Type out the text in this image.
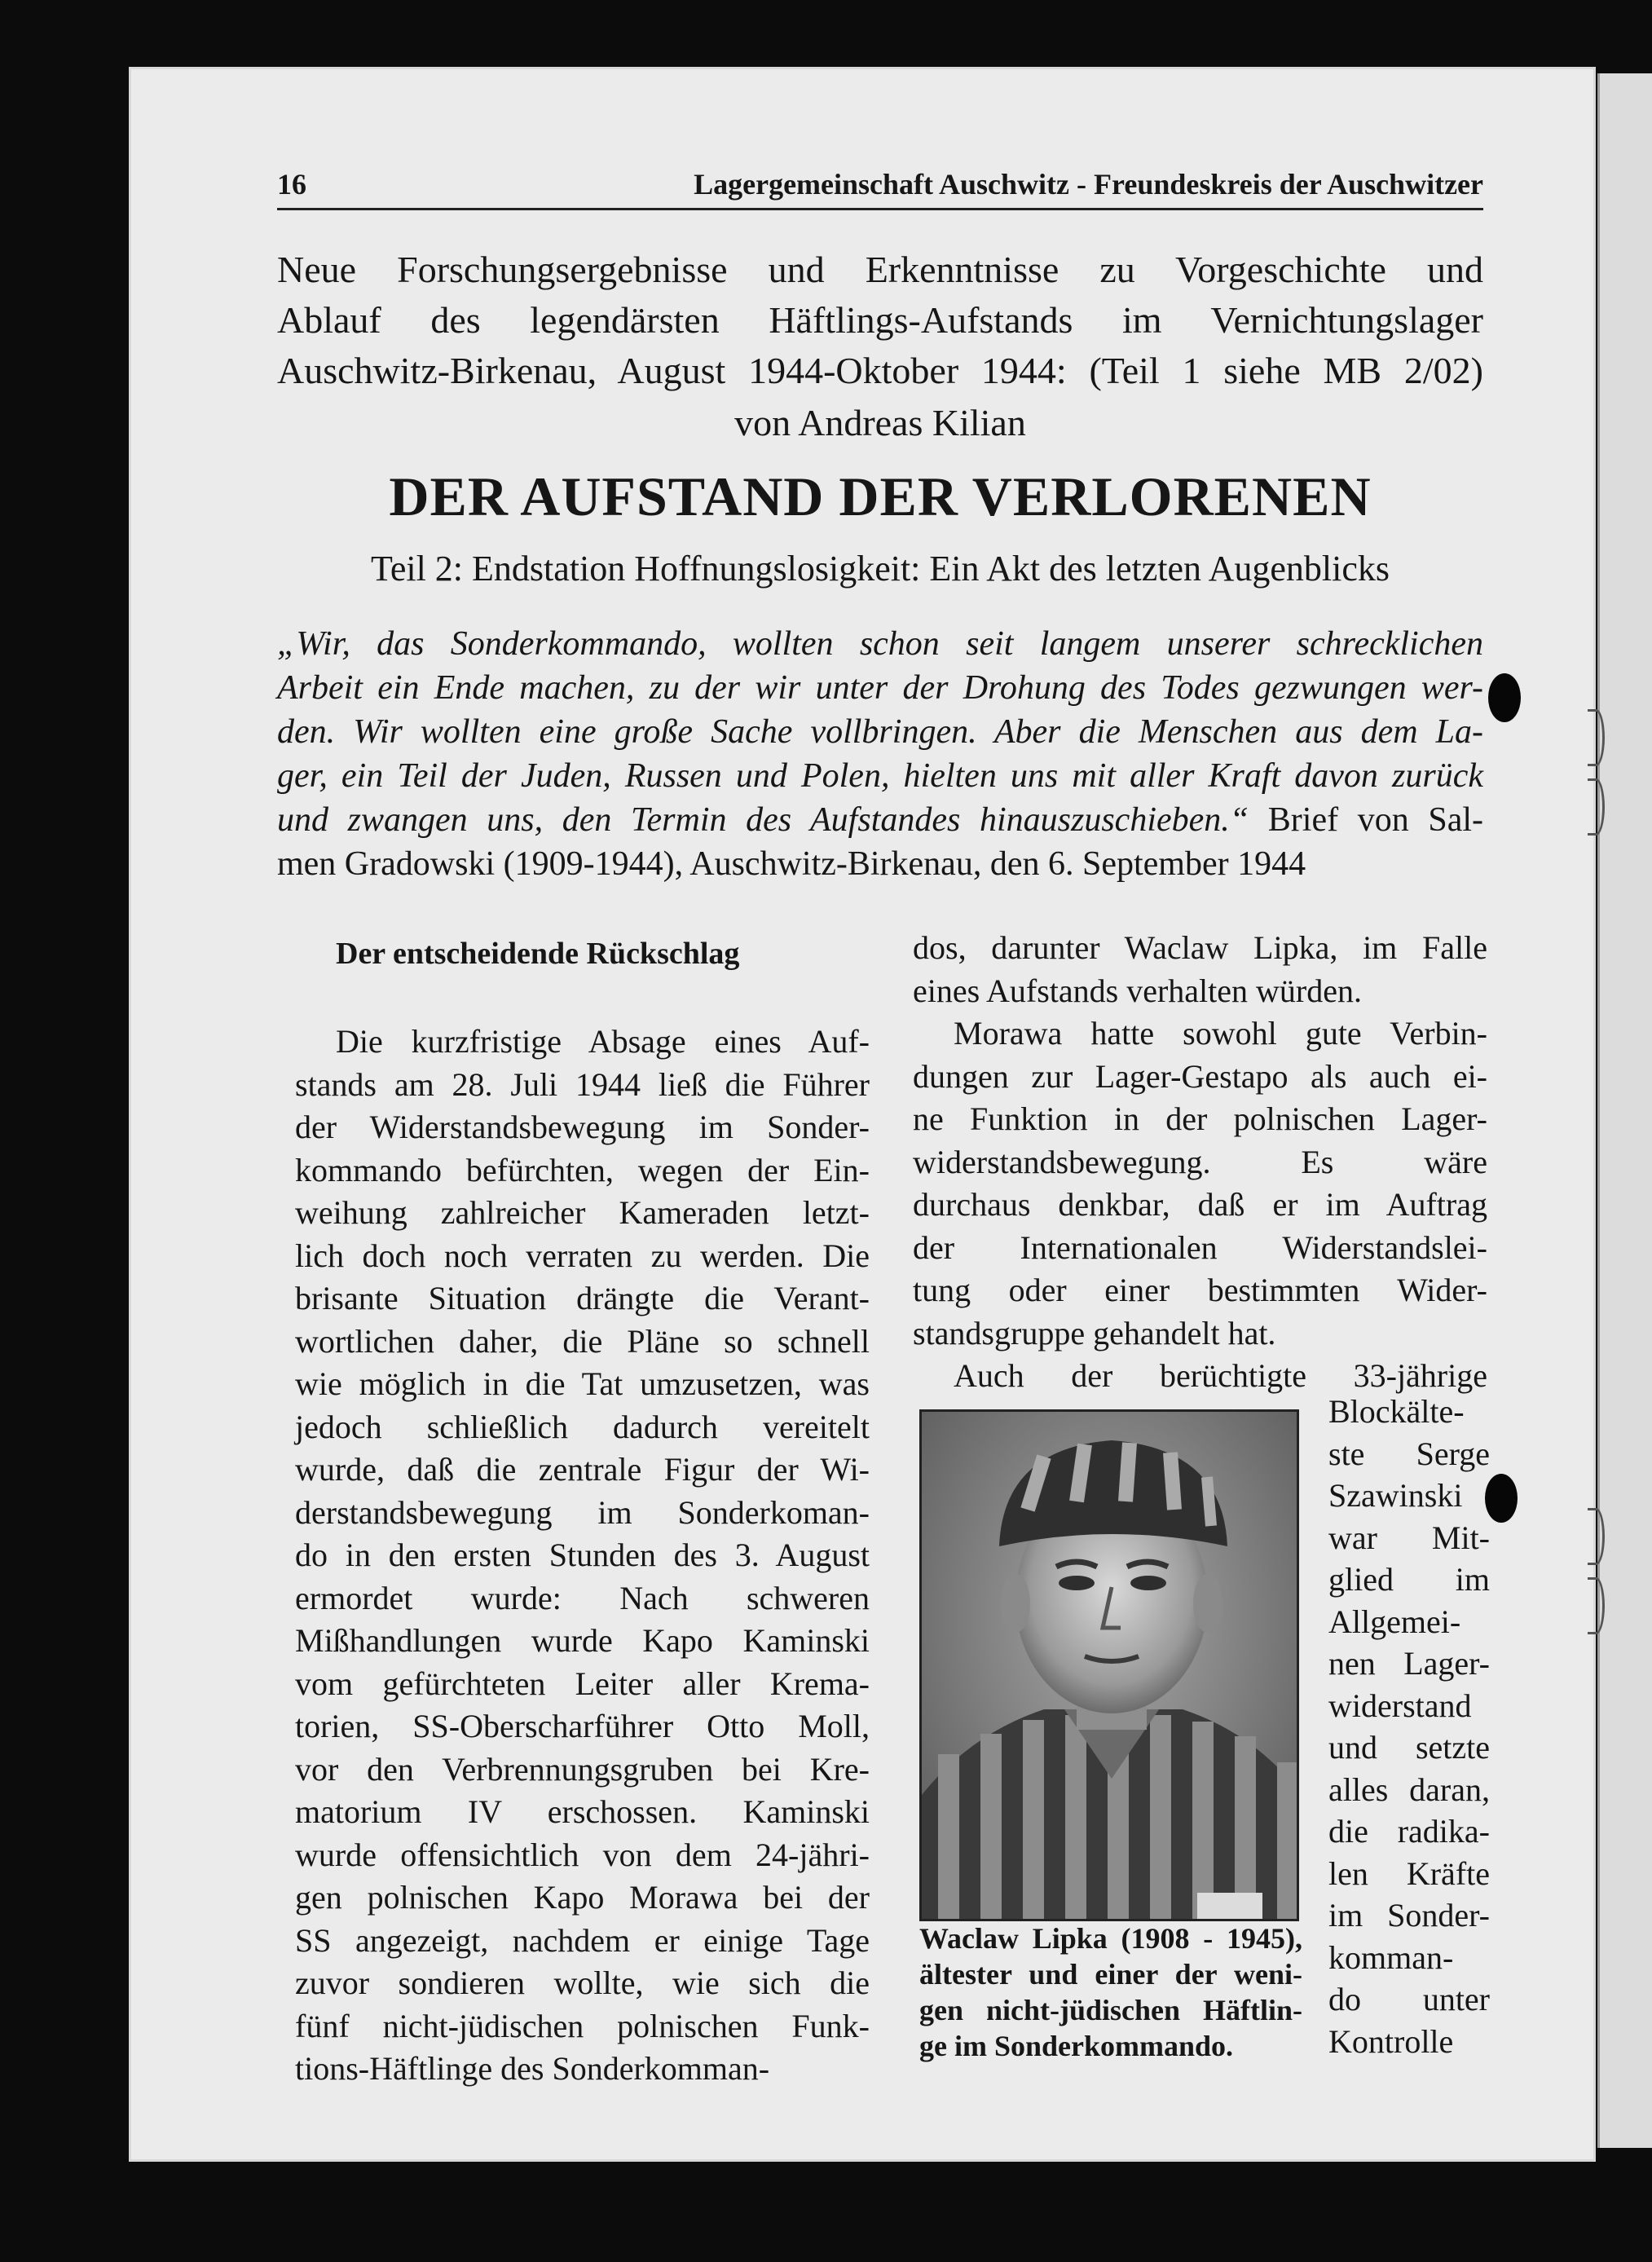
16	Lagergemeinschaft Auschwitz - Freundeskreis der Auschwitzer
Neue Forschungsergebnisse und Erkenntnisse zu Vorgeschichte und
Ablauf des legendärsten Häftlings-Aufstands im Vernichtungslager
Auschwitz-Birkenau, August 1944-Oktober 1944: (Teil 1 siehe MB 2/02)
von Andreas Kilian
DER AUFSTAND DER VERLORENEN
Teil 2: Endstation Hoffnungslosigkeit: Ein Akt des letzten Augenblicks
„Wir, das Sonderkommando, wollten schon seit langem unserer schrecklichen
Arbeit ein Ende machen, zu der wir unter der Drohung des Todes gezwungen wer-
den. Wir wollten eine große Sache vollbringen. Aber die Menschen aus dem La-
ger, ein Teil der Juden, Russen und Polen, hielten uns mit aller Kraft davon zurück
und zwangen uns, den Termin des Aufstandes hinauszuschieben.“ Brief von Sal-
men Gradowski (1909-1944), Auschwitz-Birkenau, den 6. September 1944
Der entscheidende Rückschlag
Die kurzfristige Absage eines Auf-
stands am 28. Juli 1944 ließ die Führer
der Widerstandsbewegung im Sonder-
kommando befürchten, wegen der Ein-
weihung zahlreicher Kameraden letzt-
lich doch noch verraten zu werden. Die
brisante Situation drängte die Verant-
wortlichen daher, die Pläne so schnell
wie möglich in die Tat umzusetzen, was
jedoch schließlich dadurch vereitelt
wurde, daß die zentrale Figur der Wi-
derstandsbewegung im Sonderkoman-
do in den ersten Stunden des 3. August
ermordet wurde: Nach schweren
Mißhandlungen wurde Kapo Kaminski
vom gefürchteten Leiter aller Krema-
torien, SS-Oberscharführer Otto Moll,
vor den Verbrennungsgruben bei Kre-
matorium IV erschossen. Kaminski
wurde offensichtlich von dem 24-jähri-
gen polnischen Kapo Morawa bei der
SS angezeigt, nachdem er einige Tage
zuvor sondieren wollte, wie sich die
fünf nicht-jüdischen polnischen Funk-
tions-Häftlinge des Sonderkomman-
dos, darunter Waclaw Lipka, im Falle
eines Aufstands verhalten würden.
Morawa hatte sowohl gute Verbin-
dungen zur Lager-Gestapo als auch ei-
ne Funktion in der polnischen Lager-
widerstandsbewegung. Es wäre
durchaus denkbar, daß er im Auftrag
der Internationalen Widerstandslei-
tung oder einer bestimmten Wider-
standsgruppe gehandelt hat.
Auch der berüchtigte 33-jährige
Waclaw Lipka (1908 - 1945),
ältester und einer der weni-
gen nicht-jüdischen Häftlin-
ge im Sonderkommando.
Blockälte-
ste Serge
Szawinski
war Mit-
glied im
Allgemei-
nen Lager-
widerstand
und setzte
alles daran,
die radika-
len Kräfte
im Sonder-
komman-
do unter
Kontrolle
